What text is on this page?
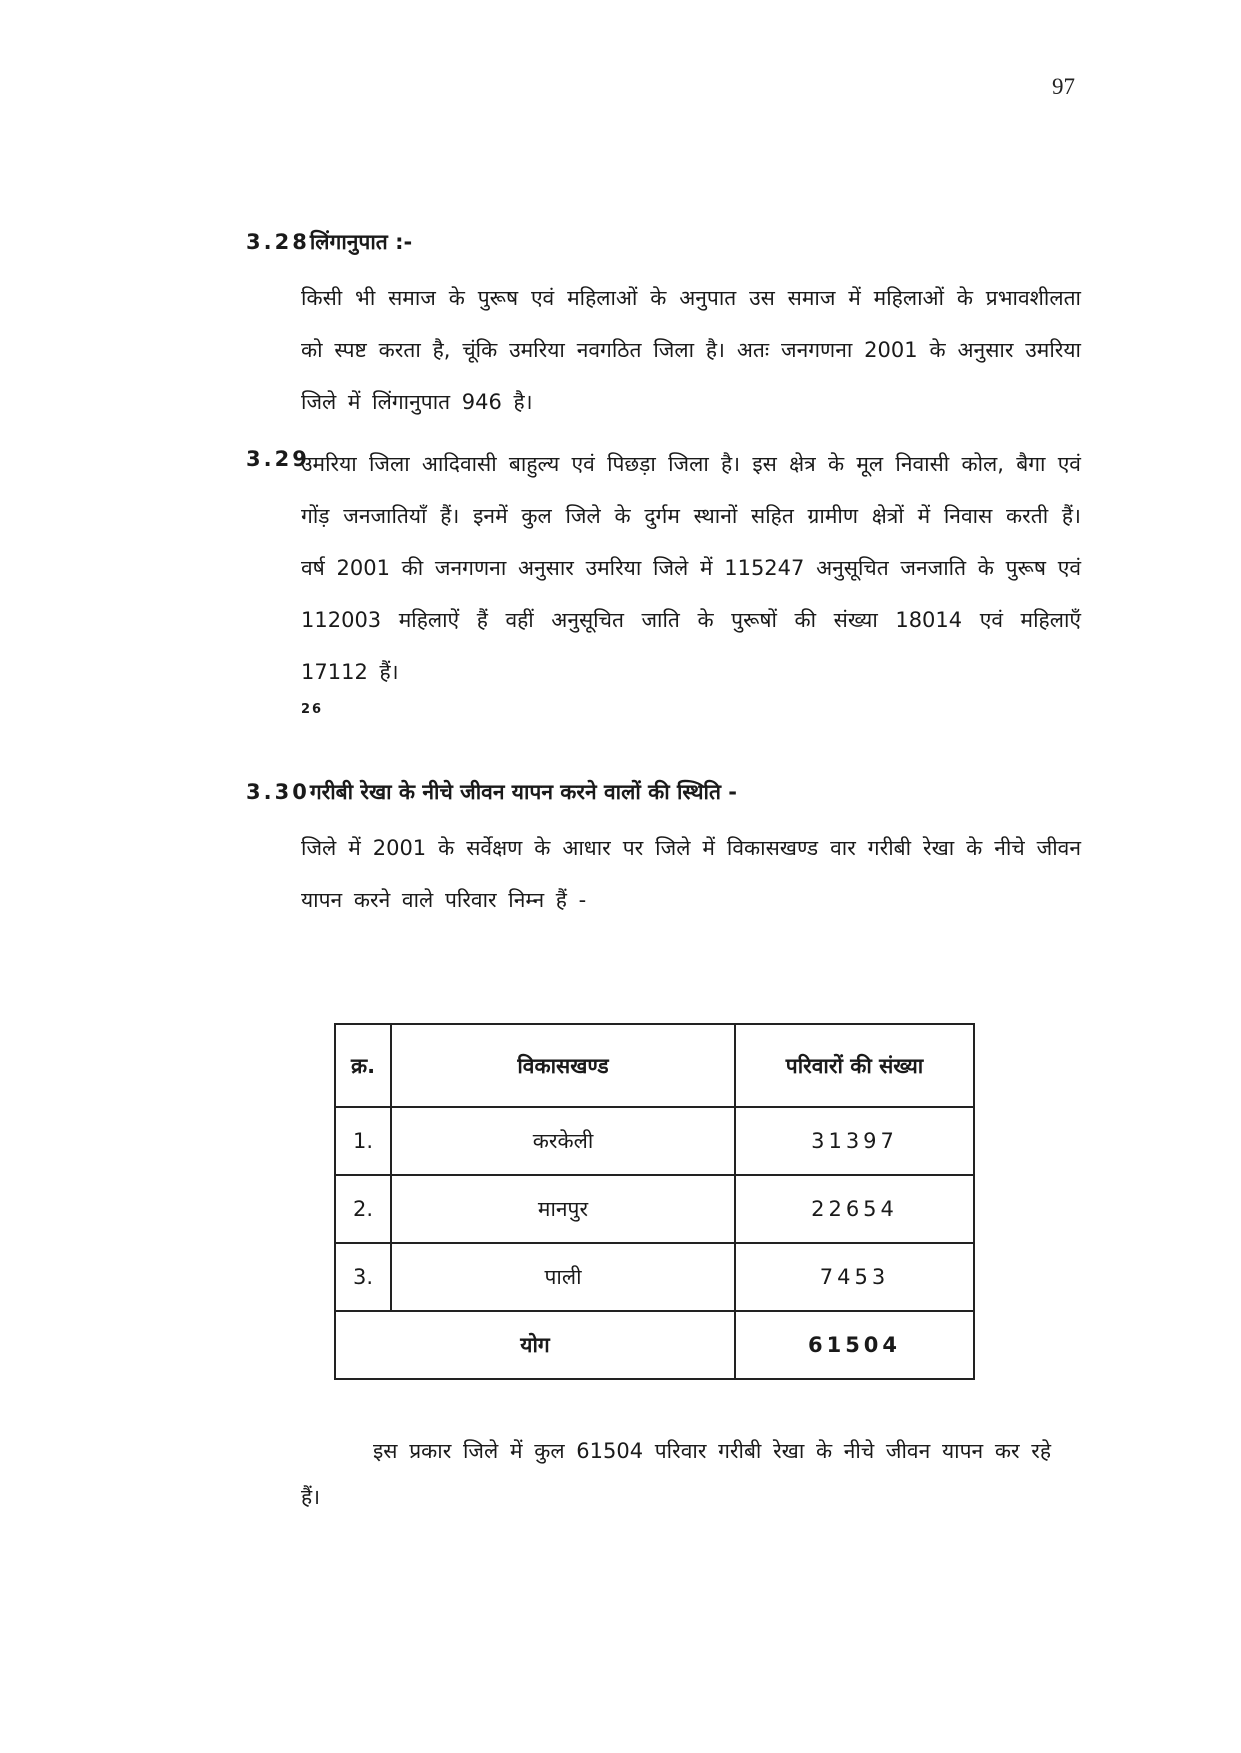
97
3.28लिंगानुपात :-
किसी भी समाज के पुरूष एवं महिलाओं के अनुपात उस समाज में महिलाओं के प्रभावशीलता को स्पष्ट करता है, चूंकि उमरिया नवगठित जिला है। अतः जनगणना 2001 के अनुसार उमरिया जिले में लिंगानुपात 946 है।
3.29
उमरिया जिला आदिवासी बाहुल्य एवं पिछड़ा जिला है। इस क्षेत्र के मूल निवासी कोल, बैगा एवं गोंड़ जनजातियाँ हैं। इनमें कुल जिले के दुर्गम स्थानों सहित ग्रामीण क्षेत्रों में निवास करती हैं। वर्ष 2001 की जनगणना अनुसार उमरिया जिले में 115247 अनुसूचित जनजाति के पुरूष एवं 112003 महिलाऐं हैं वहीं अनुसूचित जाति के पुरूषों की संख्या 18014 एवं महिलाएँ 17112 हैं।
26
3.30गरीबी रेखा के नीचे जीवन यापन करने वालों की स्थिति -
जिले में 2001 के सर्वेक्षण के आधार पर जिले में विकासखण्ड वार गरीबी रेखा के नीचे जीवन यापन करने वाले परिवार निम्न हैं -
क्र.	विकासखण्ड	परिवारों की संख्या
1.	करकेली	31397
2.	मानपुर	22654
3.	पाली	7453
योग		61504
इस प्रकार जिले में कुल 61504 परिवार गरीबी रेखा के नीचे जीवन यापन कर रहे हैं।
